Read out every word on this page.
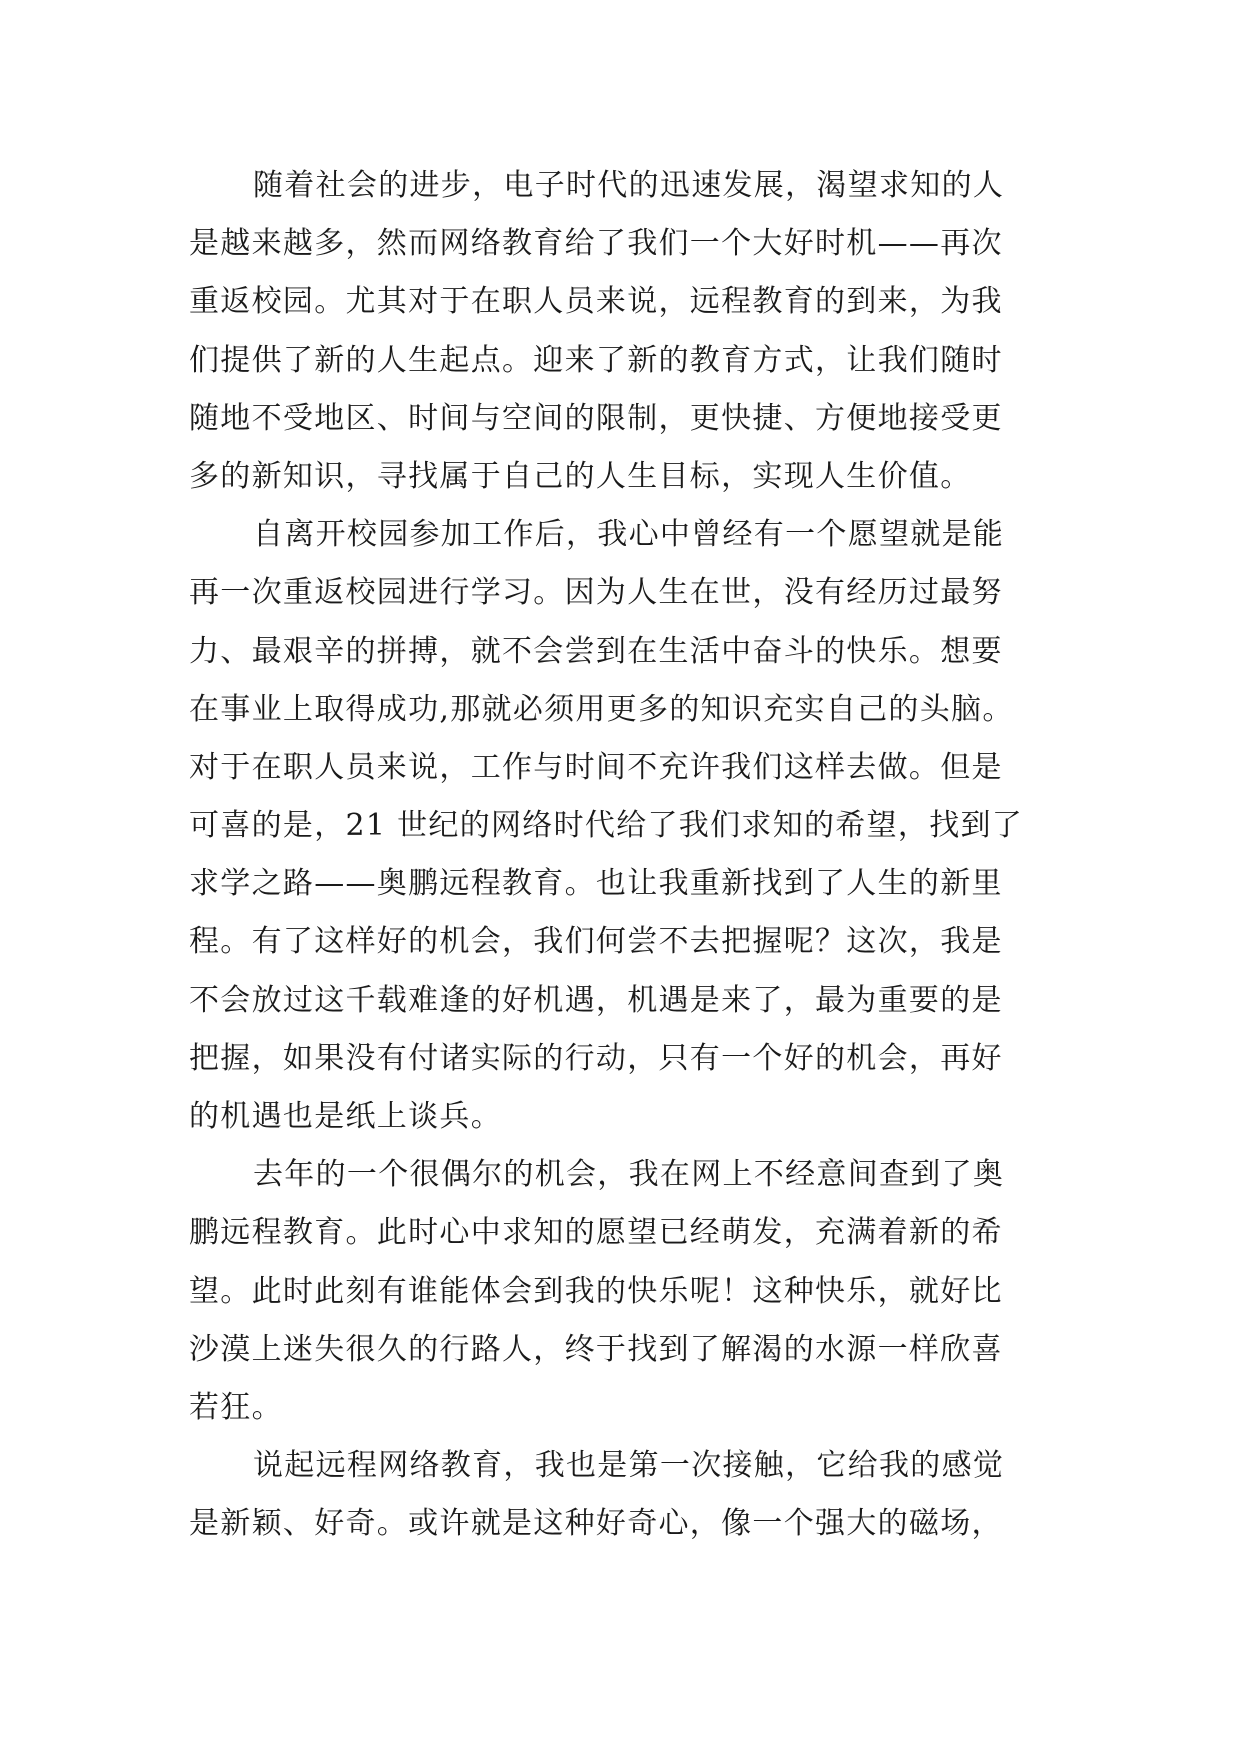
随着社会的进步，电子时代的迅速发展，渴望求知的人
是越来越多，然而网络教育给了我们一个大好时机——再次
重返校园。尤其对于在职人员来说，远程教育的到来，为我
们提供了新的人生起点。迎来了新的教育方式，让我们随时
随地不受地区、时间与空间的限制，更快捷、方便地接受更
多的新知识，寻找属于自己的人生目标，实现人生价值。
自离开校园参加工作后，我心中曾经有一个愿望就是能
再一次重返校园进行学习。因为人生在世，没有经历过最努
力、最艰辛的拼搏，就不会尝到在生活中奋斗的快乐。想要
在事业上取得成功,那就必须用更多的知识充实自己的头脑。
对于在职人员来说，工作与时间不充许我们这样去做。但是
可喜的是，21 世纪的网络时代给了我们求知的希望，找到了
求学之路——奥鹏远程教育。也让我重新找到了人生的新里
程。有了这样好的机会，我们何尝不去把握呢？这次，我是
不会放过这千载难逢的好机遇，机遇是来了，最为重要的是
把握，如果没有付诸实际的行动，只有一个好的机会，再好
的机遇也是纸上谈兵。
去年的一个很偶尔的机会，我在网上不经意间查到了奥
鹏远程教育。此时心中求知的愿望已经萌发，充满着新的希
望。此时此刻有谁能体会到我的快乐呢！这种快乐，就好比
沙漠上迷失很久的行路人，终于找到了解渴的水源一样欣喜
若狂。
说起远程网络教育，我也是第一次接触，它给我的感觉
是新颖、好奇。或许就是这种好奇心，像一个强大的磁场，
